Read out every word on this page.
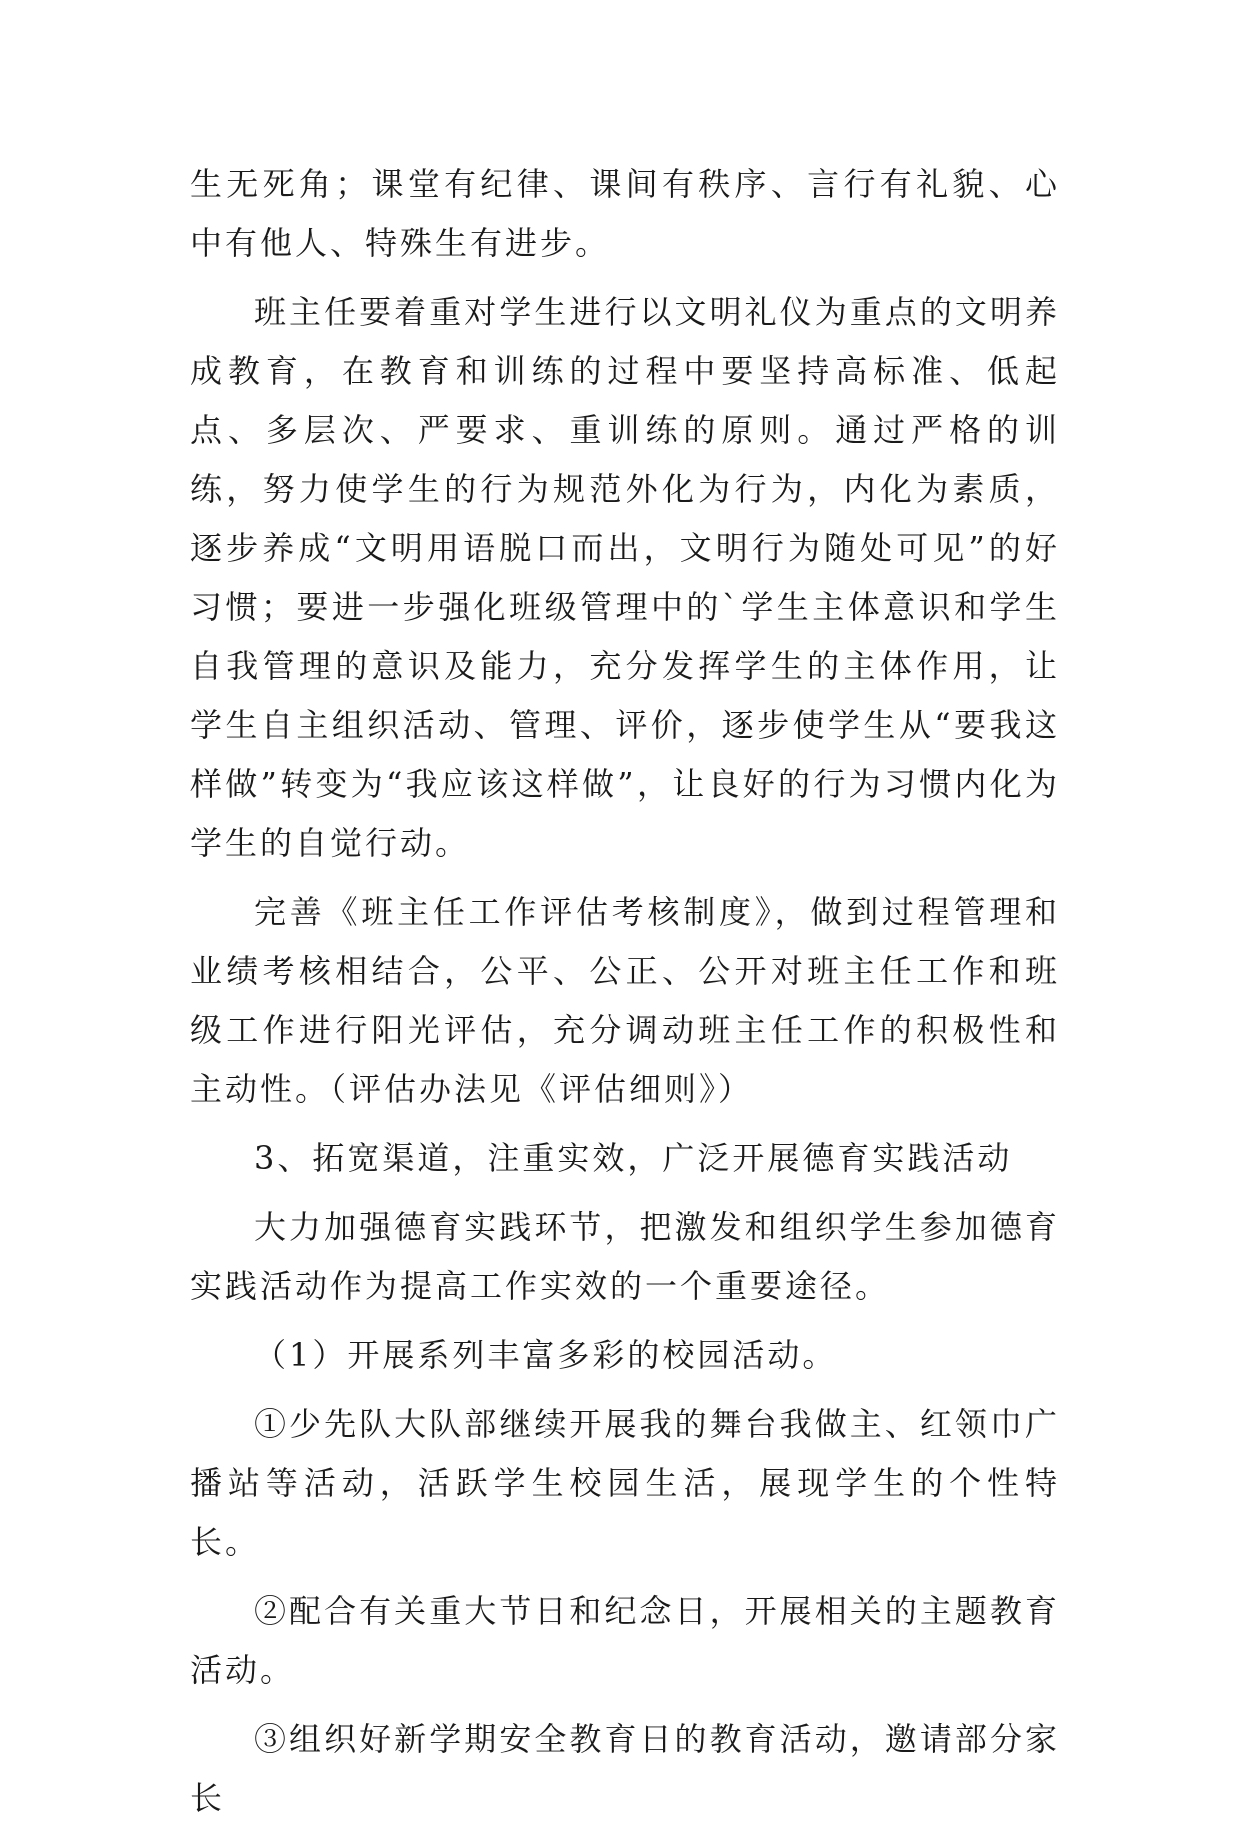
生无死角；课堂有纪律、课间有秩序、言行有礼貌、心中有他人、特殊生有进步。

班主任要着重对学生进行以文明礼仪为重点的文明养成教育，在教育和训练的过程中要坚持高标准、低起点、多层次、严要求、重训练的原则。通过严格的训练，努力使学生的行为规范外化为行为，内化为素质，逐步养成“文明用语脱口而出，文明行为随处可见”的好习惯；要进一步强化班级管理中的`学生主体意识和学生自我管理的意识及能力，充分发挥学生的主体作用，让学生自主组织活动、管理、评价，逐步使学生从“要我这样做”转变为“我应该这样做”，让良好的行为习惯内化为学生的自觉行动。

完善《班主任工作评估考核制度》，做到过程管理和业绩考核相结合，公平、公正、公开对班主任工作和班级工作进行阳光评估，充分调动班主任工作的积极性和主动性。（评估办法见《评估细则》）

3、拓宽渠道，注重实效，广泛开展德育实践活动

大力加强德育实践环节，把激发和组织学生参加德育实践活动作为提高工作实效的一个重要途径。

（1）开展系列丰富多彩的校园活动。

①少先队大队部继续开展我的舞台我做主、红领巾广播站等活动，活跃学生校园生活，展现学生的个性特长。

②配合有关重大节日和纪念日，开展相关的主题教育活动。

③组织好新学期安全教育日的教育活动，邀请部分家长
